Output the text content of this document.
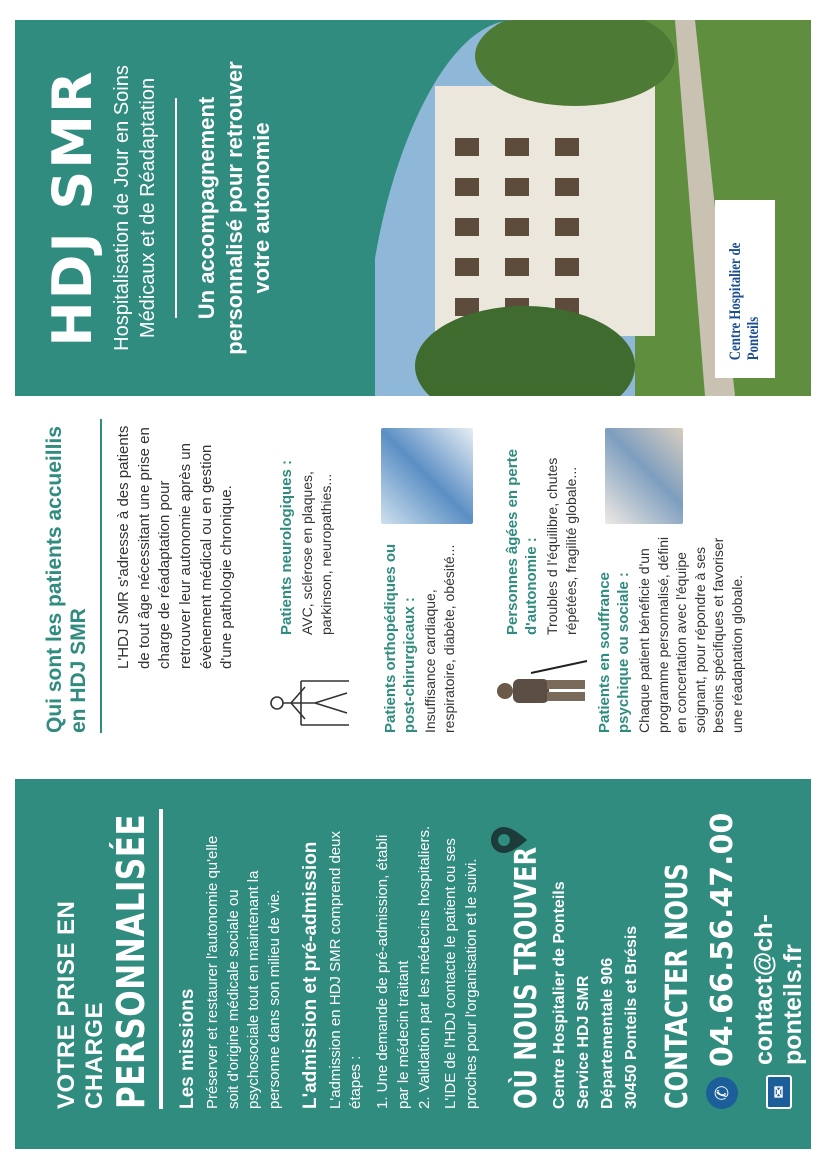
VOTRE PRISE EN CHARGE PERSONNALISÉE Les missions Préserver et restaurer l'autonomie qu'elle soit d'origine médicale sociale ou psychosociale tout en maintenant la personne dans son milieu de vie. L'admission et pré-admission L'admission en HDJ SMR comprend deux étapes : 1. Une demande de pré-admission, établi par le médecin traitant 2. Validation par les médecins hospitaliers. L'IDE de l'HDJ contacte le patient ou ses proches pour l'organisation et le suivi. OÙ NOUS TROUVER Centre Hospitalier de Ponteils Service HDJ SMR Départementale 906 30450 Ponteils et Brésis CONTACTER NOUS ✆
04.66.56.47.00
✉
contact@ch-ponteils.fr
Qui sont les patients accueillis en HDJ SMR

L'HDJ SMR s'adresse à des patients de tout âge nécessitant une prise en charge de réadaptation pour retrouver leur autonomie après un évènement médical ou en gestion d'une pathologie chronique.	Patients neurologiques : AVC, sclérose en plaques, parkinson, neuropathies...	Patients orthopédiques ou post-chirurgicaux : Insuffisance cardiaque, respiratoire, diabète, obésité...
Personnes âgées en perte d'autonomie : Troubles d l'équilibre, chutes répétées, fragilité globale...
Patients en souffrance psychique ou sociale : Chaque patient bénéficie d'un programme personnalisé, défini en concertation avec l'équipe soignant, pour répondre à ses besoins spécifiques et favoriser une réadaptation globale.
HDJ SMR Hospitalisation de Jour en Soins Médicaux et de Réadaptation Un accompagnement personnalisé pour retrouver votre autonomie

Centre Hospitalier de Ponteils
